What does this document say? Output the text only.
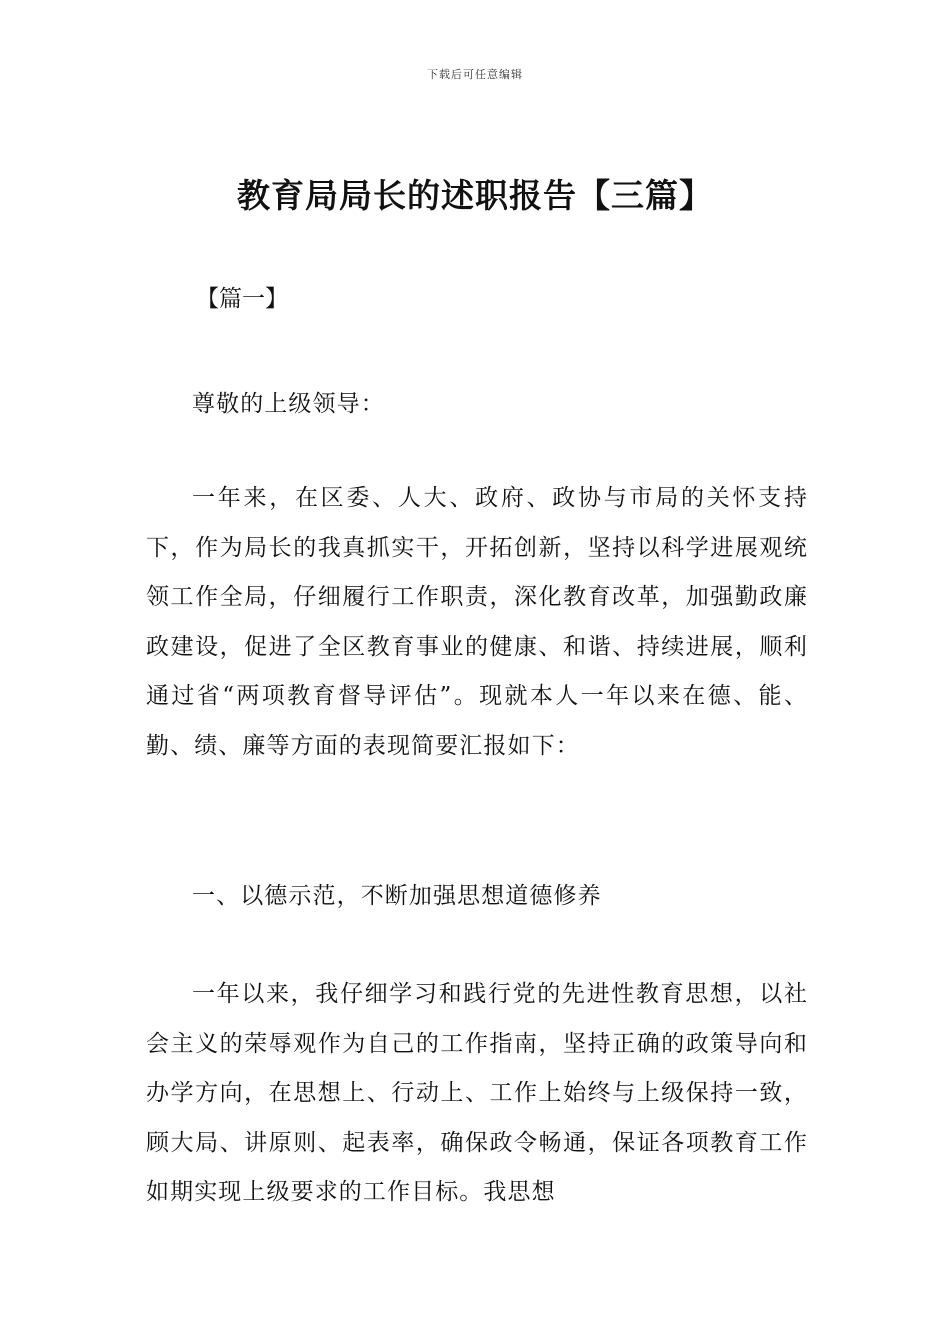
下载后可任意编辑
教育局局长的述职报告【三篇】
【篇一】

尊敬的上级领导：

一年来，在区委、人大、政府、政协与市局的关怀支持下，作为局长的我真抓实干，开拓创新，坚持以科学进展观统领工作全局，仔细履行工作职责，深化教育改革，加强勤政廉政建设，促进了全区教育事业的健康、和谐、持续进展，顺利通过省“两项教育督导评估”。现就本人一年以来在德、能、勤、绩、廉等方面的表现简要汇报如下：

一、以德示范，不断加强思想道德修养

一年以来，我仔细学习和践行党的先进性教育思想，以社会主义的荣辱观作为自己的工作指南，坚持正确的政策导向和办学方向，在思想上、行动上、工作上始终与上级保持一致，顾大局、讲原则、起表率，确保政令畅通，保证各项教育工作如期实现上级要求的工作目标。我思想
